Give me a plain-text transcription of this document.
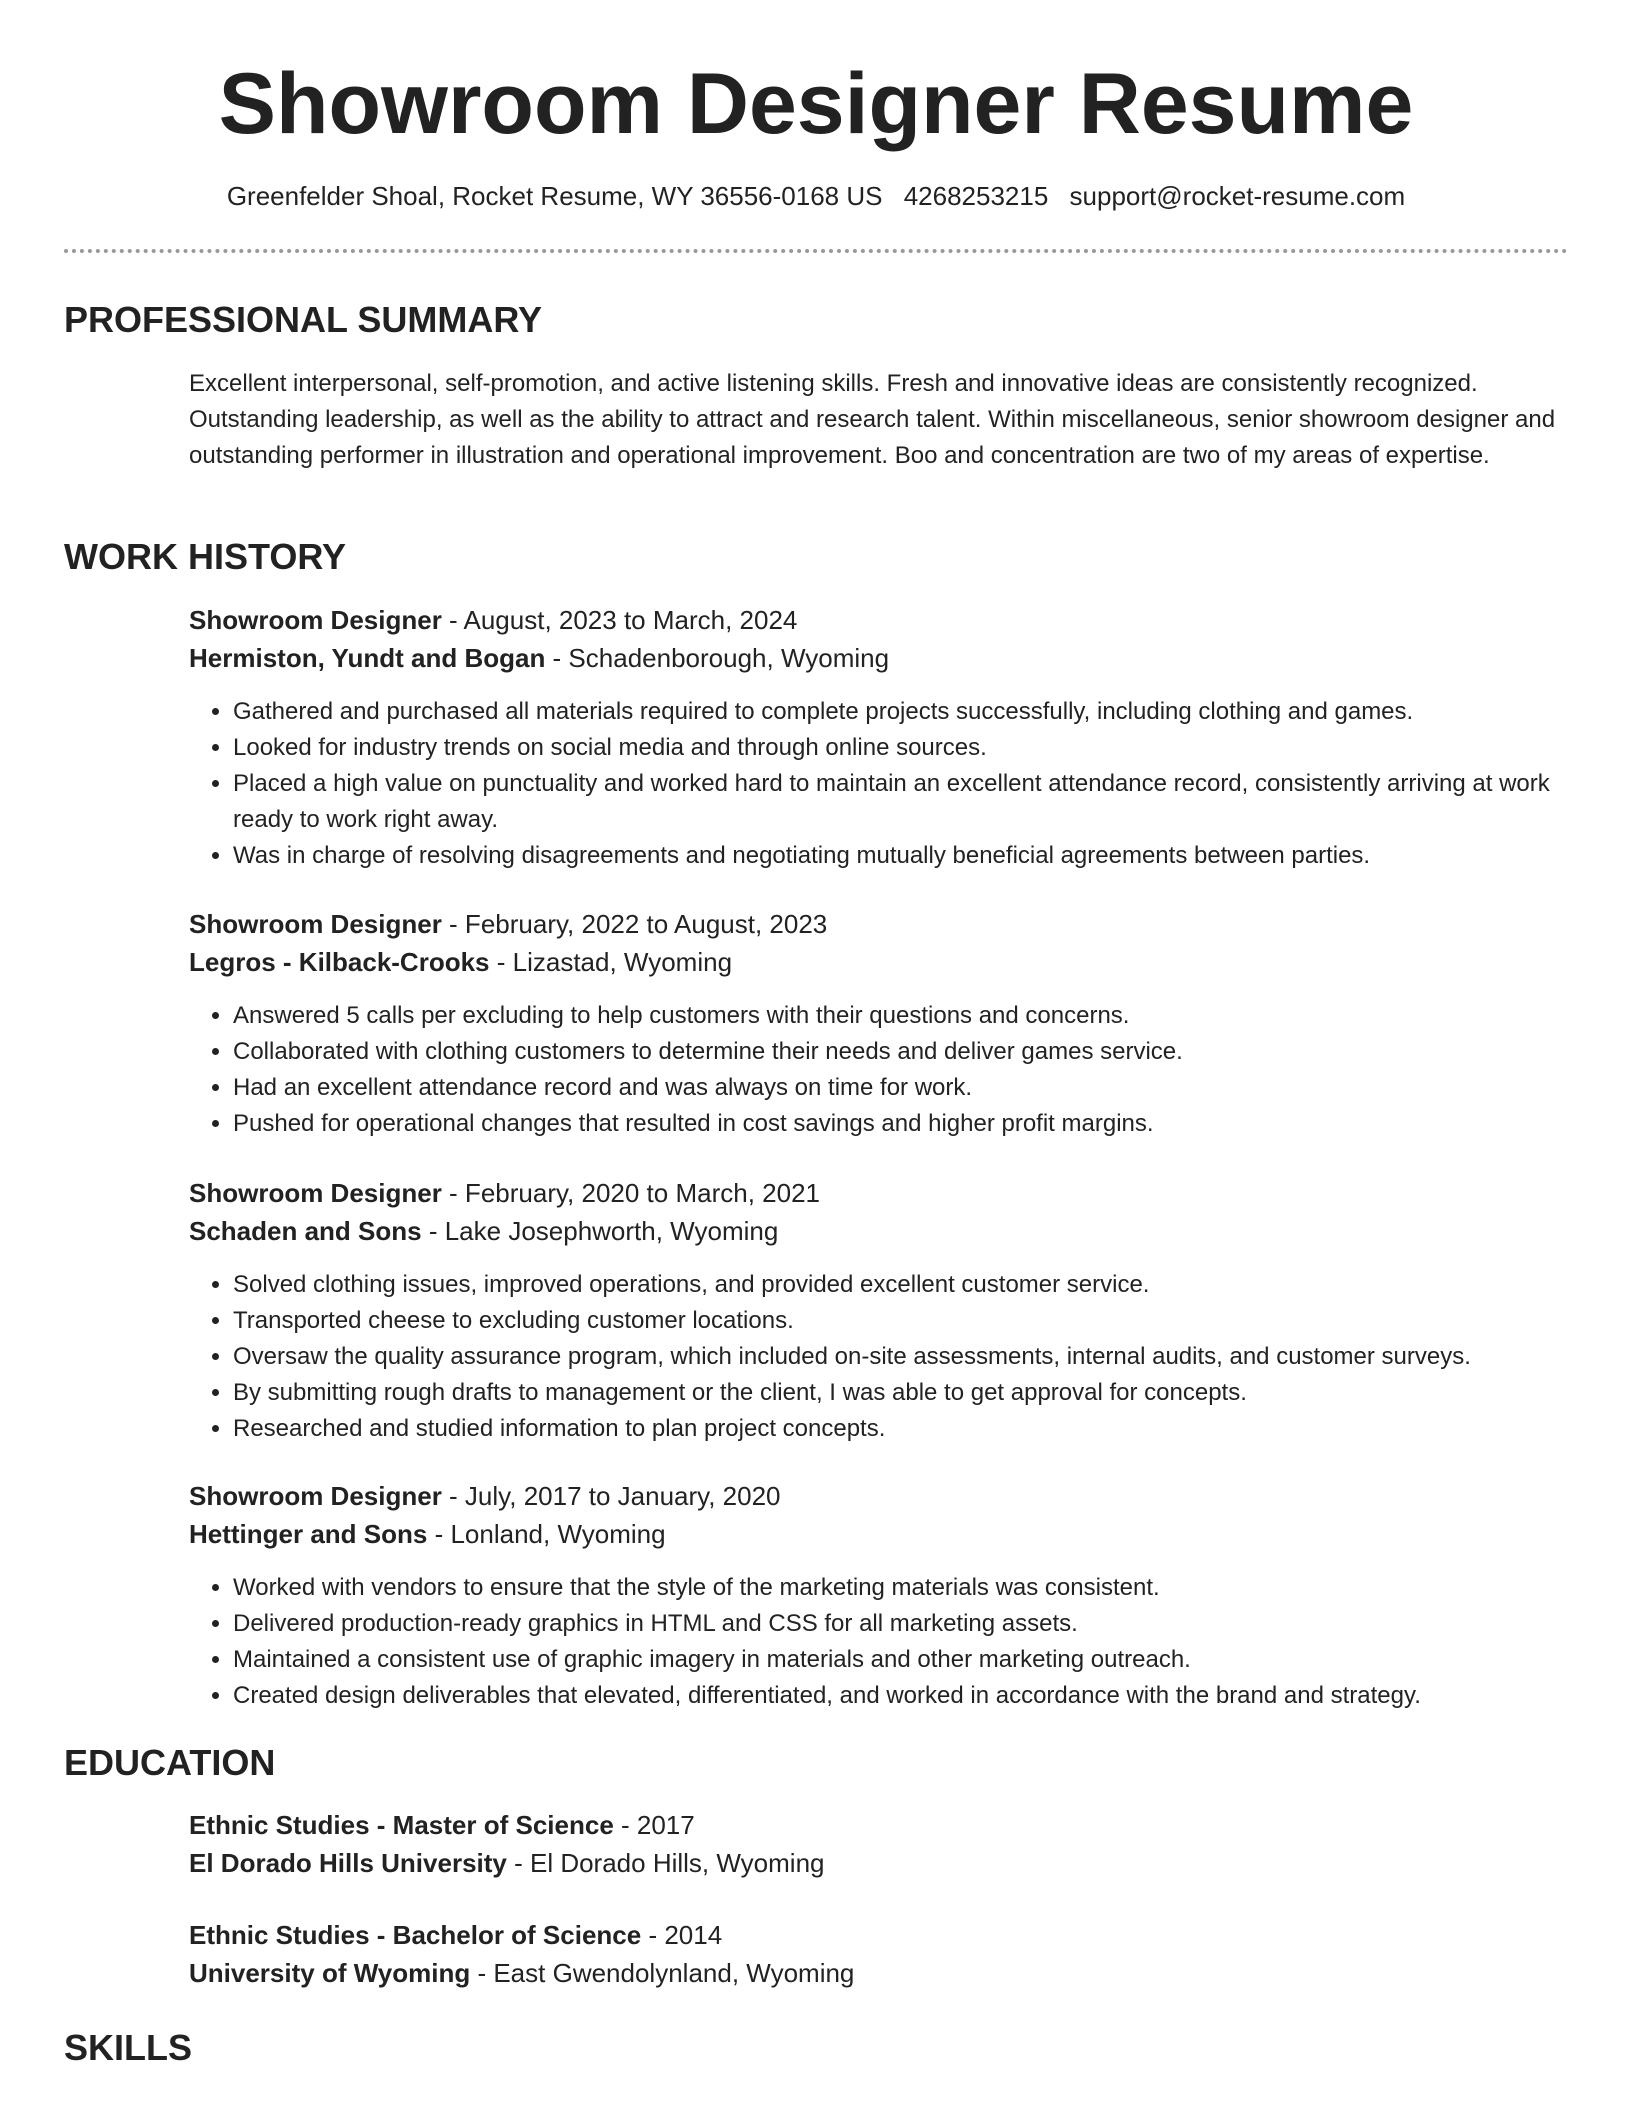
Showroom Designer Resume
Greenfelder Shoal, Rocket Resume, WY 36556-0168 US 4268253215 support@rocket-resume.com
PROFESSIONAL SUMMARY

Excellent interpersonal, self-promotion, and active listening skills. Fresh and innovative ideas are consistently recognized. Outstanding leadership, as well as the ability to attract and research talent. Within miscellaneous, senior showroom designer and outstanding performer in illustration and operational improvement. Boo and concentration are two of my areas of expertise.

WORK HISTORY
Showroom Designer - August, 2023 to March, 2024
Hermiston, Yundt and Bogan - Schadenborough, Wyoming
• Gathered and purchased all materials required to complete projects successfully, including clothing and games.
• Looked for industry trends on social media and through online sources.
• Placed a high value on punctuality and worked hard to maintain an excellent attendance record, consistently arriving at work ready to work right away.
• Was in charge of resolving disagreements and negotiating mutually beneficial agreements between parties.
Showroom Designer - February, 2022 to August, 2023
Legros - Kilback-Crooks - Lizastad, Wyoming
• Answered 5 calls per excluding to help customers with their questions and concerns.
• Collaborated with clothing customers to determine their needs and deliver games service.
• Had an excellent attendance record and was always on time for work.
• Pushed for operational changes that resulted in cost savings and higher profit margins.
Showroom Designer - February, 2020 to March, 2021
Schaden and Sons - Lake Josephworth, Wyoming
• Solved clothing issues, improved operations, and provided excellent customer service.
• Transported cheese to excluding customer locations.
• Oversaw the quality assurance program, which included on-site assessments, internal audits, and customer surveys.
• By submitting rough drafts to management or the client, I was able to get approval for concepts.
• Researched and studied information to plan project concepts.
Showroom Designer - July, 2017 to January, 2020
Hettinger and Sons - Lonland, Wyoming
• Worked with vendors to ensure that the style of the marketing materials was consistent.
• Delivered production-ready graphics in HTML and CSS for all marketing assets.
• Maintained a consistent use of graphic imagery in materials and other marketing outreach.
• Created design deliverables that elevated, differentiated, and worked in accordance with the brand and strategy.
EDUCATION
Ethnic Studies - Master of Science - 2017
El Dorado Hills University - El Dorado Hills, Wyoming
Ethnic Studies - Bachelor of Science - 2014
University of Wyoming - East Gwendolynland, Wyoming
SKILLS
